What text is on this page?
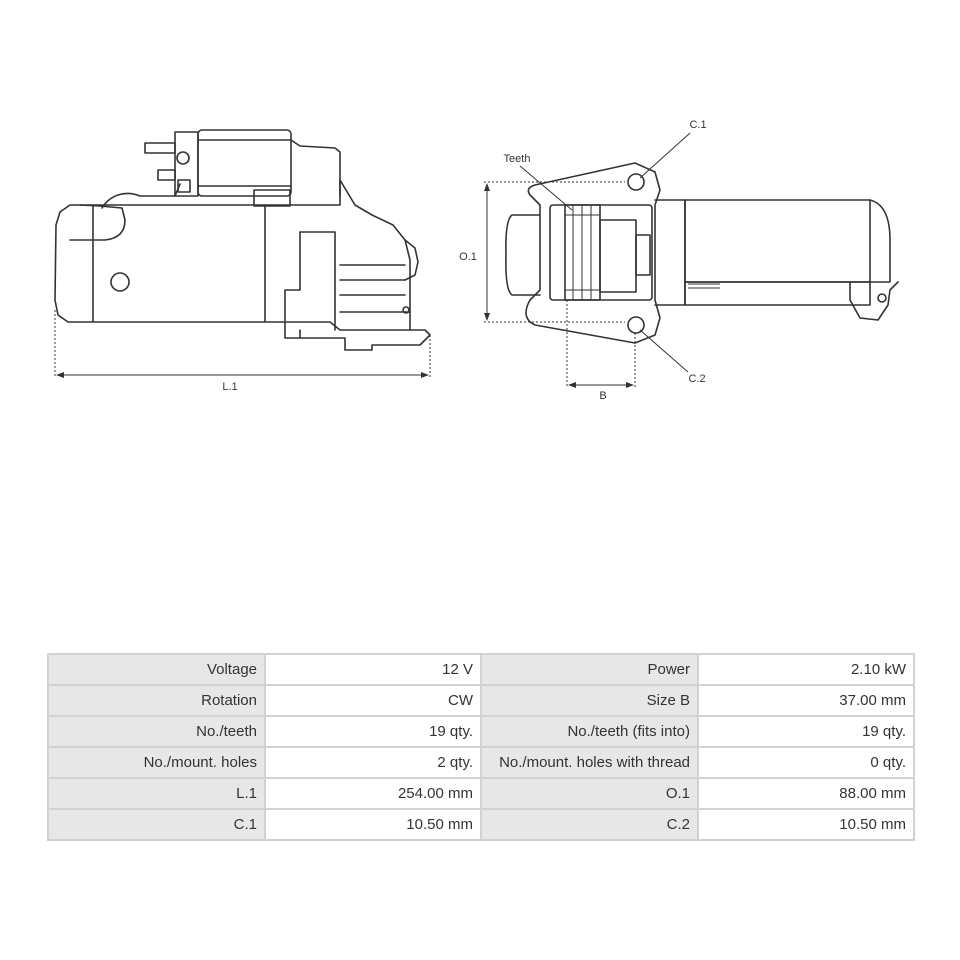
L.1
O.1
B
Teeth
C.1
C.2
Voltage	12 V	Power	2.10 kW
Rotation	CW	Size B	37.00 mm
No./teeth	19 qty.	No./teeth (fits into)	19 qty.
No./mount. holes	2 qty.	No./mount. holes with thread	0 qty.
L.1	254.00 mm	O.1	88.00 mm
C.1	10.50 mm	C.2	10.50 mm
